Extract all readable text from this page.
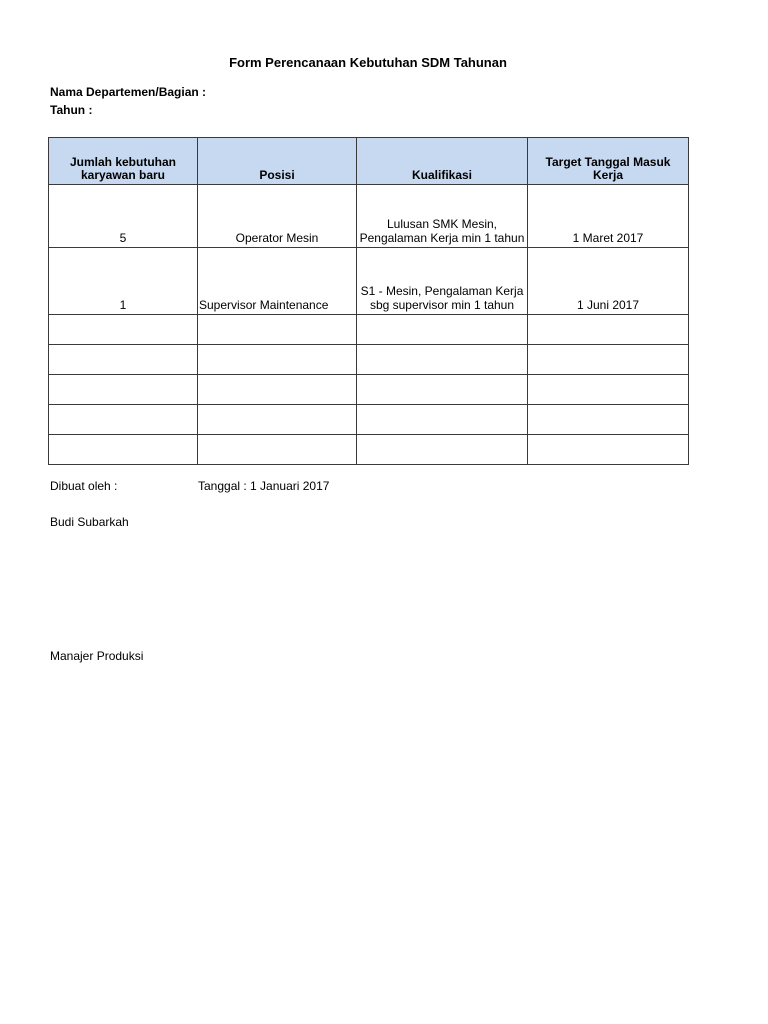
Form Perencanaan Kebutuhan SDM Tahunan
Nama Departemen/Bagian :
Tahun :
Jumlah kebutuhan karyawan baru	Posisi	Kualifikasi	Target Tanggal Masuk Kerja
5	Operator Mesin	Lulusan SMK Mesin, Pengalaman Kerja min 1 tahun	1 Maret 2017
1	Supervisor Maintenance	S1 - Mesin, Pengalaman Kerja sbg supervisor min 1 tahun	1 Juni 2017

Dibuat oleh :	Tanggal : 1 Januari 2017
Budi Subarkah
Manajer Produksi
